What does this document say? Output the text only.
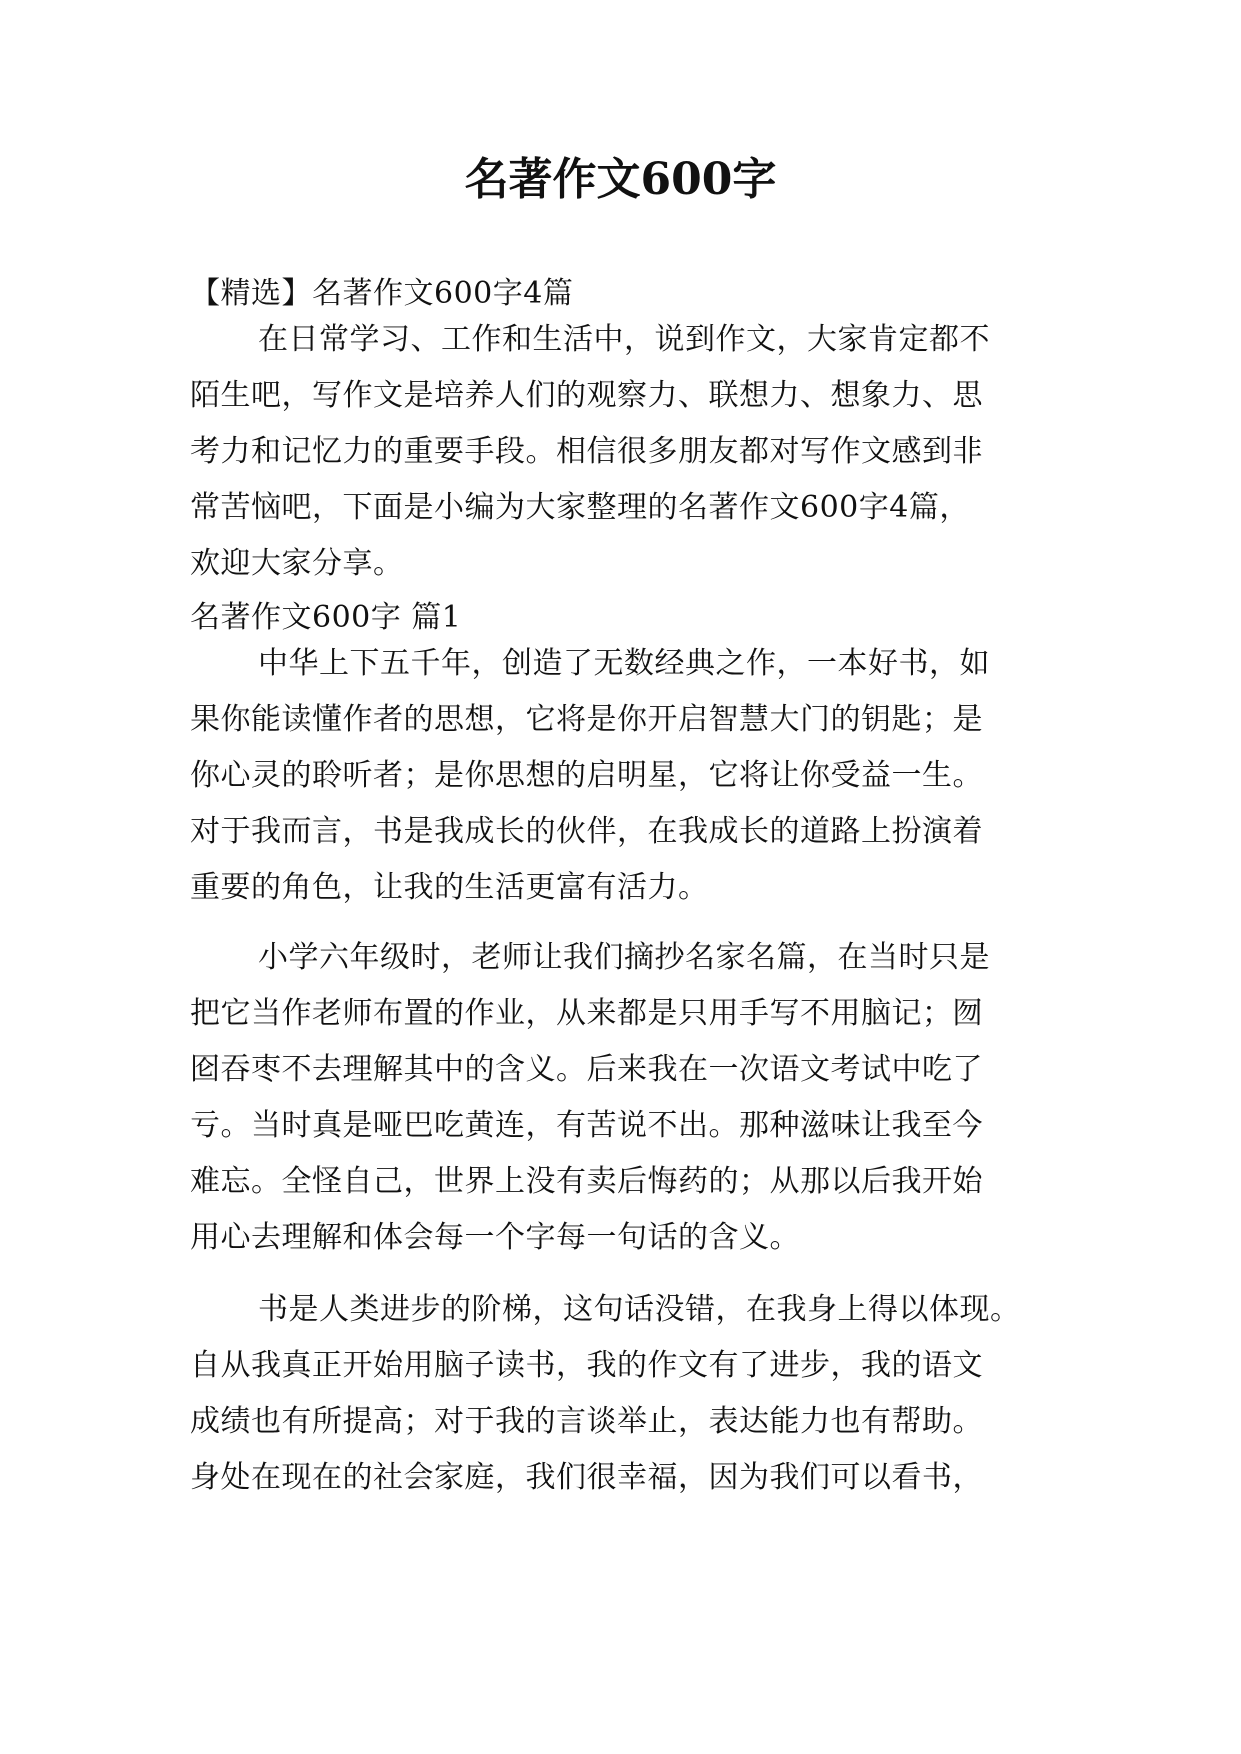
名著作文600字
【精选】名著作文600字4篇
在日常学习、工作和生活中，说到作文，大家肯定都不
陌生吧，写作文是培养人们的观察力、联想力、想象力、思
考力和记忆力的重要手段。相信很多朋友都对写作文感到非
常苦恼吧，下面是小编为大家整理的名著作文600字4篇，
欢迎大家分享。
名著作文600字 篇1
中华上下五千年，创造了无数经典之作，一本好书，如
果你能读懂作者的思想，它将是你开启智慧大门的钥匙；是
你心灵的聆听者；是你思想的启明星，它将让你受益一生。
对于我而言，书是我成长的伙伴，在我成长的道路上扮演着
重要的角色，让我的生活更富有活力。
小学六年级时，老师让我们摘抄名家名篇，在当时只是
把它当作老师布置的作业，从来都是只用手写不用脑记；囫
囵吞枣不去理解其中的含义。后来我在一次语文考试中吃了
亏。当时真是哑巴吃黄连，有苦说不出。那种滋味让我至今
难忘。全怪自己，世界上没有卖后悔药的；从那以后我开始
用心去理解和体会每一个字每一句话的含义。
书是人类进步的阶梯，这句话没错，在我身上得以体现。
自从我真正开始用脑子读书，我的作文有了进步，我的语文
成绩也有所提高；对于我的言谈举止，表达能力也有帮助。
身处在现在的社会家庭，我们很幸福，因为我们可以看书，
